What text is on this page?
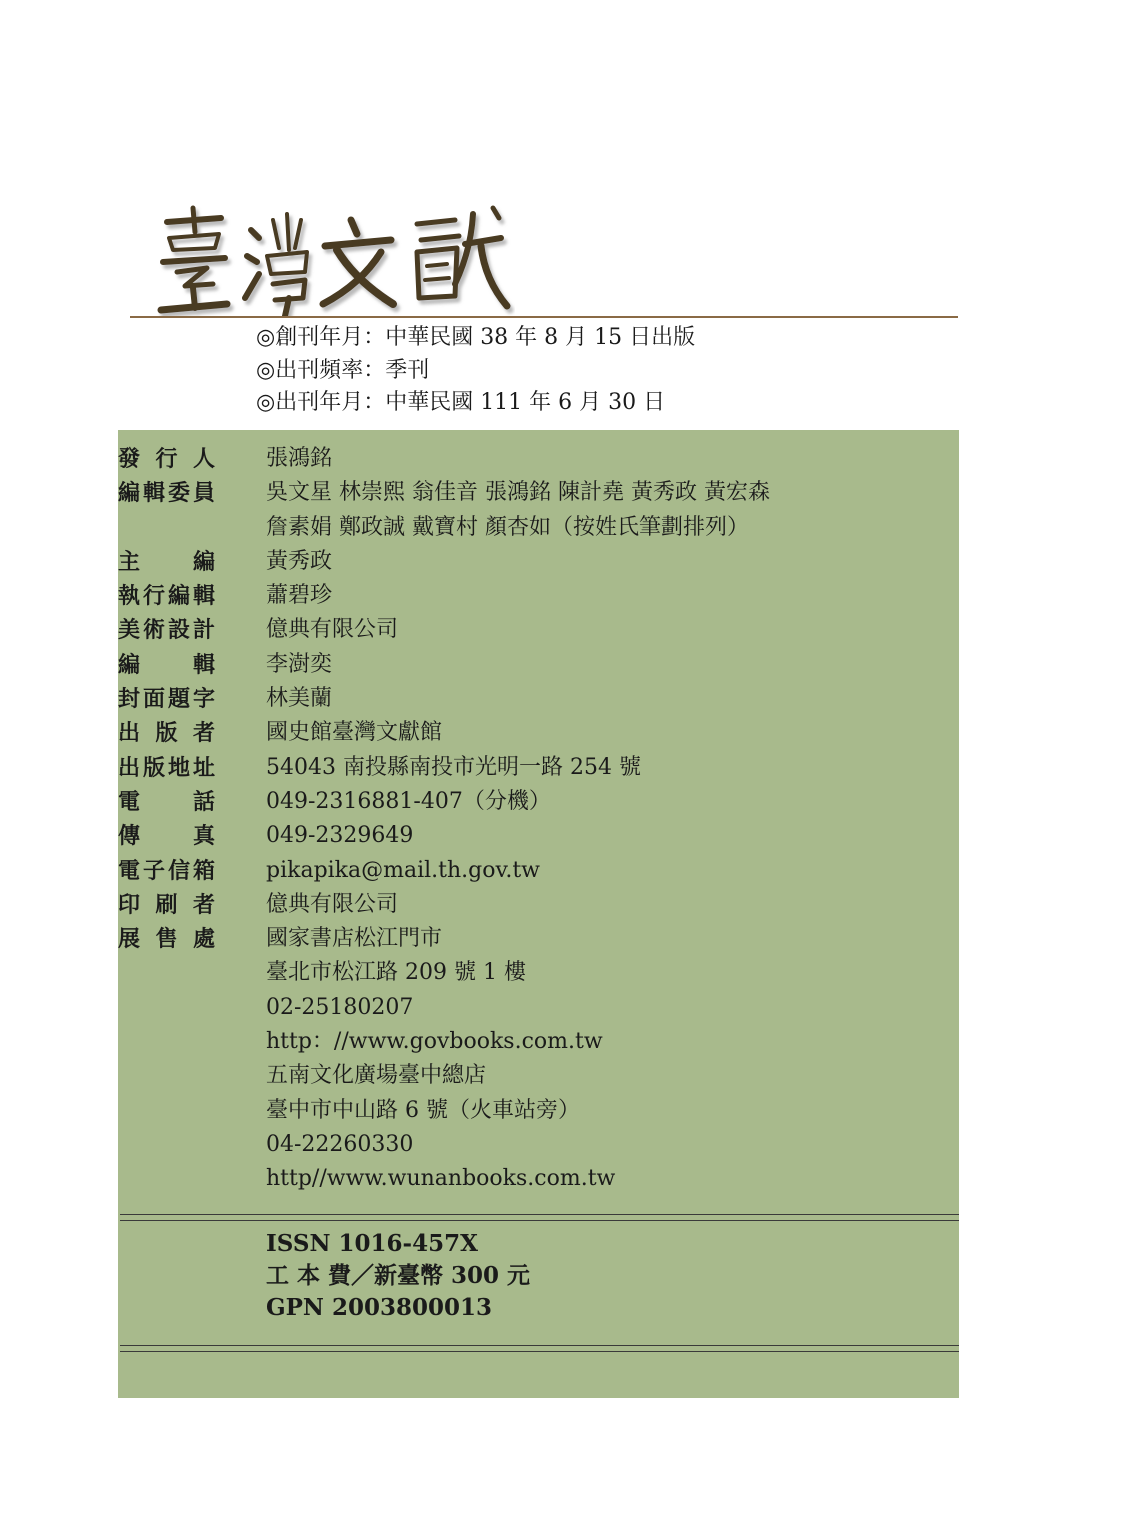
◎創刊年月：中華民國 38 年 8 月 15 日出版
◎出刊頻率：季刊
◎出刊年月：中華民國 111 年 6 月 30 日
發行人 張鴻銘
編輯委員 吳文星 林崇熙 翁佳音 張鴻銘 陳計堯 黃秀政 黃宏森
詹素娟 鄭政誠 戴寶村 顏杏如（按姓氏筆劃排列）
主編 黃秀政
執行編輯 蕭碧珍
美術設計 億典有限公司
編輯 李澍奕
封面題字 林美蘭
出版者 國史館臺灣文獻館
出版地址 54043 南投縣南投市光明一路 254 號
電話 049-2316881-407（分機）
傳真 049-2329649
電子信箱 pikapika@mail.th.gov.tw
印刷者 億典有限公司
展售處 國家書店松江門市
臺北市松江路 209 號 1 樓
02-25180207
http：//www.govbooks.com.tw
五南文化廣場臺中總店
臺中市中山路 6 號（火車站旁）
04-22260330
http//www.wunanbooks.com.tw
ISSN 1016-457X
工 本 費／新臺幣 300 元
GPN 2003800013
